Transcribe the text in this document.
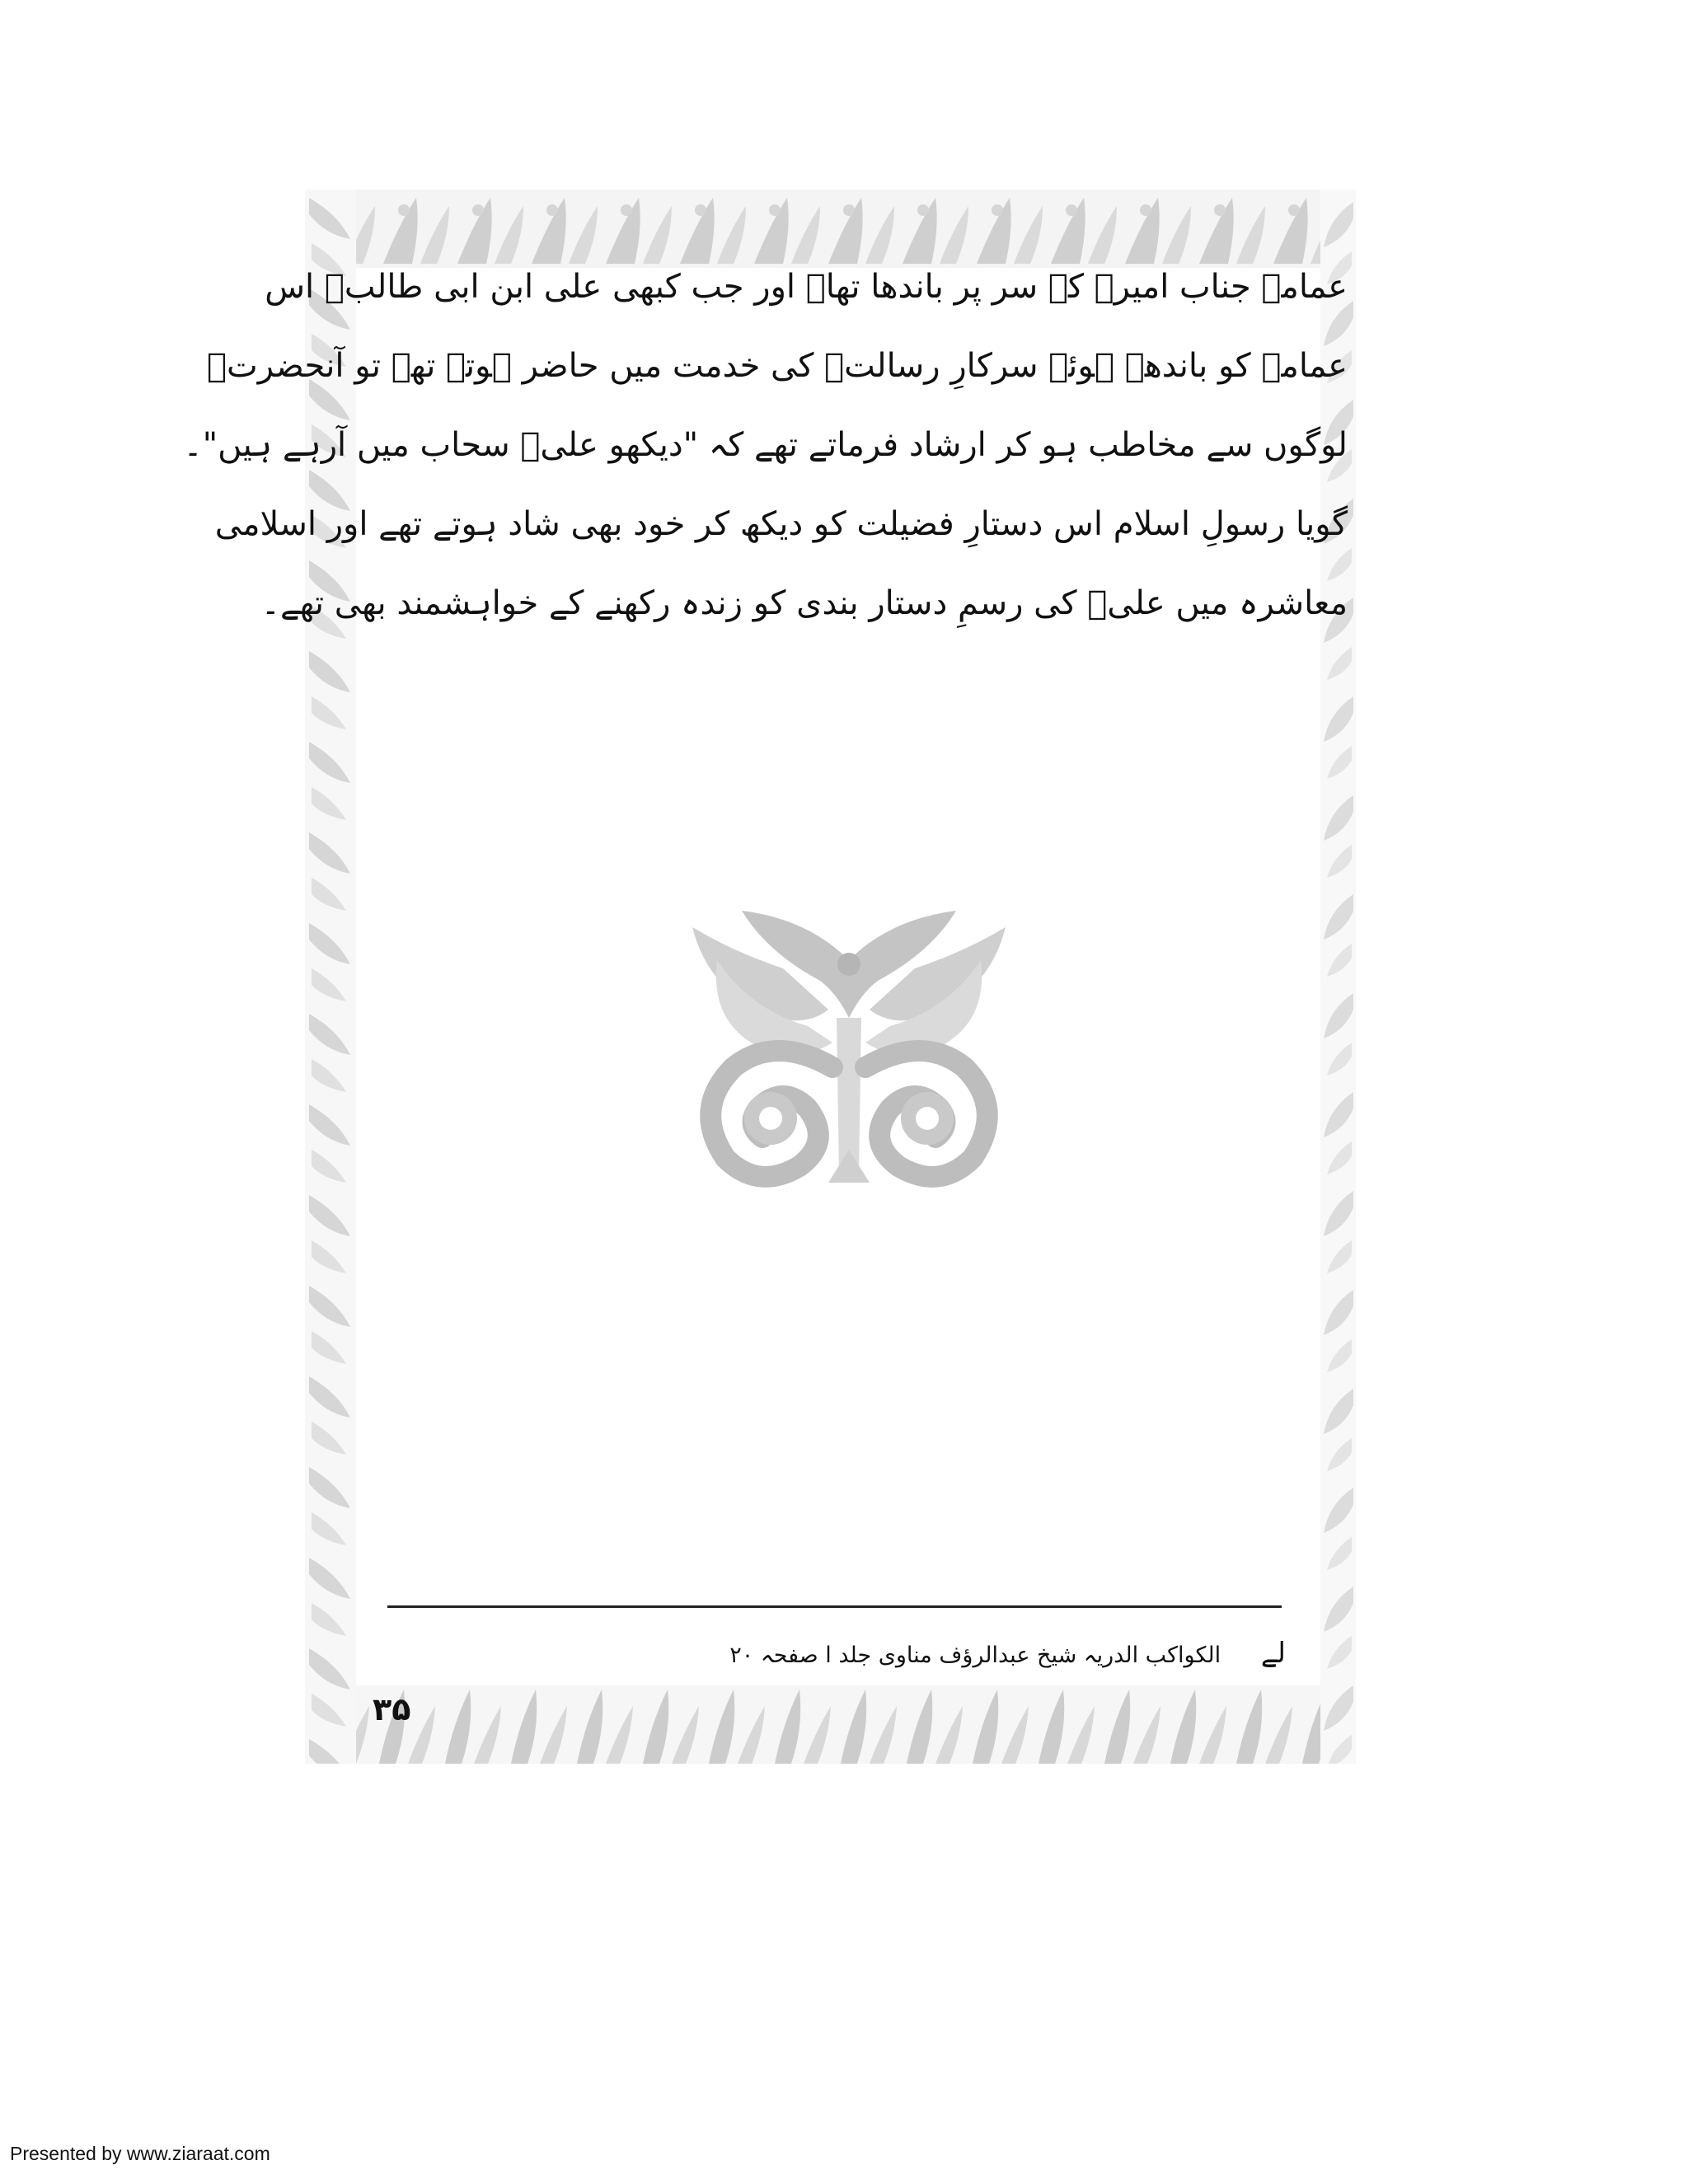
عمامہ جناب امیرؑ کے سر پر باندھا تھا۔ اور جب کبھی علی ابن ابی طالبؑ اس
عمامے کو باندھے ہوئے سرکارِ رسالتؐ کی خدمت میں حاضر ہوتے تھے تو آنحضرتؐ
لوگوں سے مخاطب ہو کر ارشاد فرماتے تھے کہ "دیکھو علیؑ سحاب میں آرہے ہیں"۔
گویا رسولِ اسلام اس دستارِ فضیلت کو دیکھ کر خود بھی شاد ہوتے تھے اور اسلامی
معاشرہ میں علیؑ کی رسمِ دستار بندی کو زندہ رکھنے کے خواہشمند بھی تھے۔
لے الکواکب الدریہ شیخ عبدالرؤف مناوی جلد ا صفحہ ۲۰
۳۵
Presented by www.ziaraat.com
